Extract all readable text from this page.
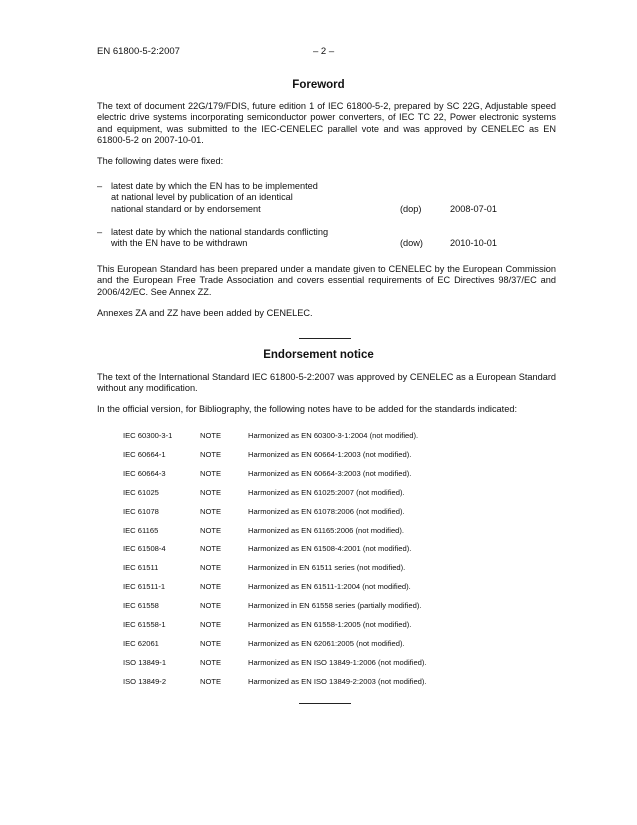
EN 61800-5-2:2007	– 2 –
Foreword
The text of document 22G/179/FDIS, future edition 1 of IEC 61800-5-2, prepared by SC 22G, Adjustable speed electric drive systems incorporating semiconductor power converters, of IEC TC 22, Power electronic systems and equipment, was submitted to the IEC-CENELEC parallel vote and was approved by CENELEC as EN 61800-5-2 on 2007-10-01.
The following dates were fixed:
– latest date by which the EN has to be implemented
at national level by publication of an identical
national standard or by endorsement	(dop)	2008-07-01
– latest date by which the national standards conflicting
with the EN have to be withdrawn	(dow)	2010-10-01
This European Standard has been prepared under a mandate given to CENELEC by the European Commission and the European Free Trade Association and covers essential requirements of EC Directives 98/37/EC and 2006/42/EC. See Annex ZZ.
Annexes ZA and ZZ have been added by CENELEC.
Endorsement notice
The text of the International Standard IEC 61800-5-2:2007 was approved by CENELEC as a European Standard without any modification.
In the official version, for Bibliography, the following notes have to be added for the standards indicated:
IEC 60300-3-1	NOTE	Harmonized as EN 60300-3-1:2004 (not modified).
IEC 60664-1	NOTE	Harmonized as EN 60664-1:2003 (not modified).
IEC 60664-3	NOTE	Harmonized as EN 60664-3:2003 (not modified).
IEC 61025	NOTE	Harmonized as EN 61025:2007 (not modified).
IEC 61078	NOTE	Harmonized as EN 61078:2006 (not modified).
IEC 61165	NOTE	Harmonized as EN 61165:2006 (not modified).
IEC 61508-4	NOTE	Harmonized as EN 61508-4:2001 (not modified).
IEC 61511	NOTE	Harmonized in EN 61511 series (not modified).
IEC 61511-1	NOTE	Harmonized as EN 61511-1:2004 (not modified).
IEC 61558	NOTE	Harmonized in EN 61558 series (partially modified).
IEC 61558-1	NOTE	Harmonized as EN 61558-1:2005 (not modified).
IEC 62061	NOTE	Harmonized as EN 62061:2005 (not modified).
ISO 13849-1	NOTE	Harmonized as EN ISO 13849-1:2006 (not modified).
ISO 13849-2	NOTE	Harmonized as EN ISO 13849-2:2003 (not modified).
